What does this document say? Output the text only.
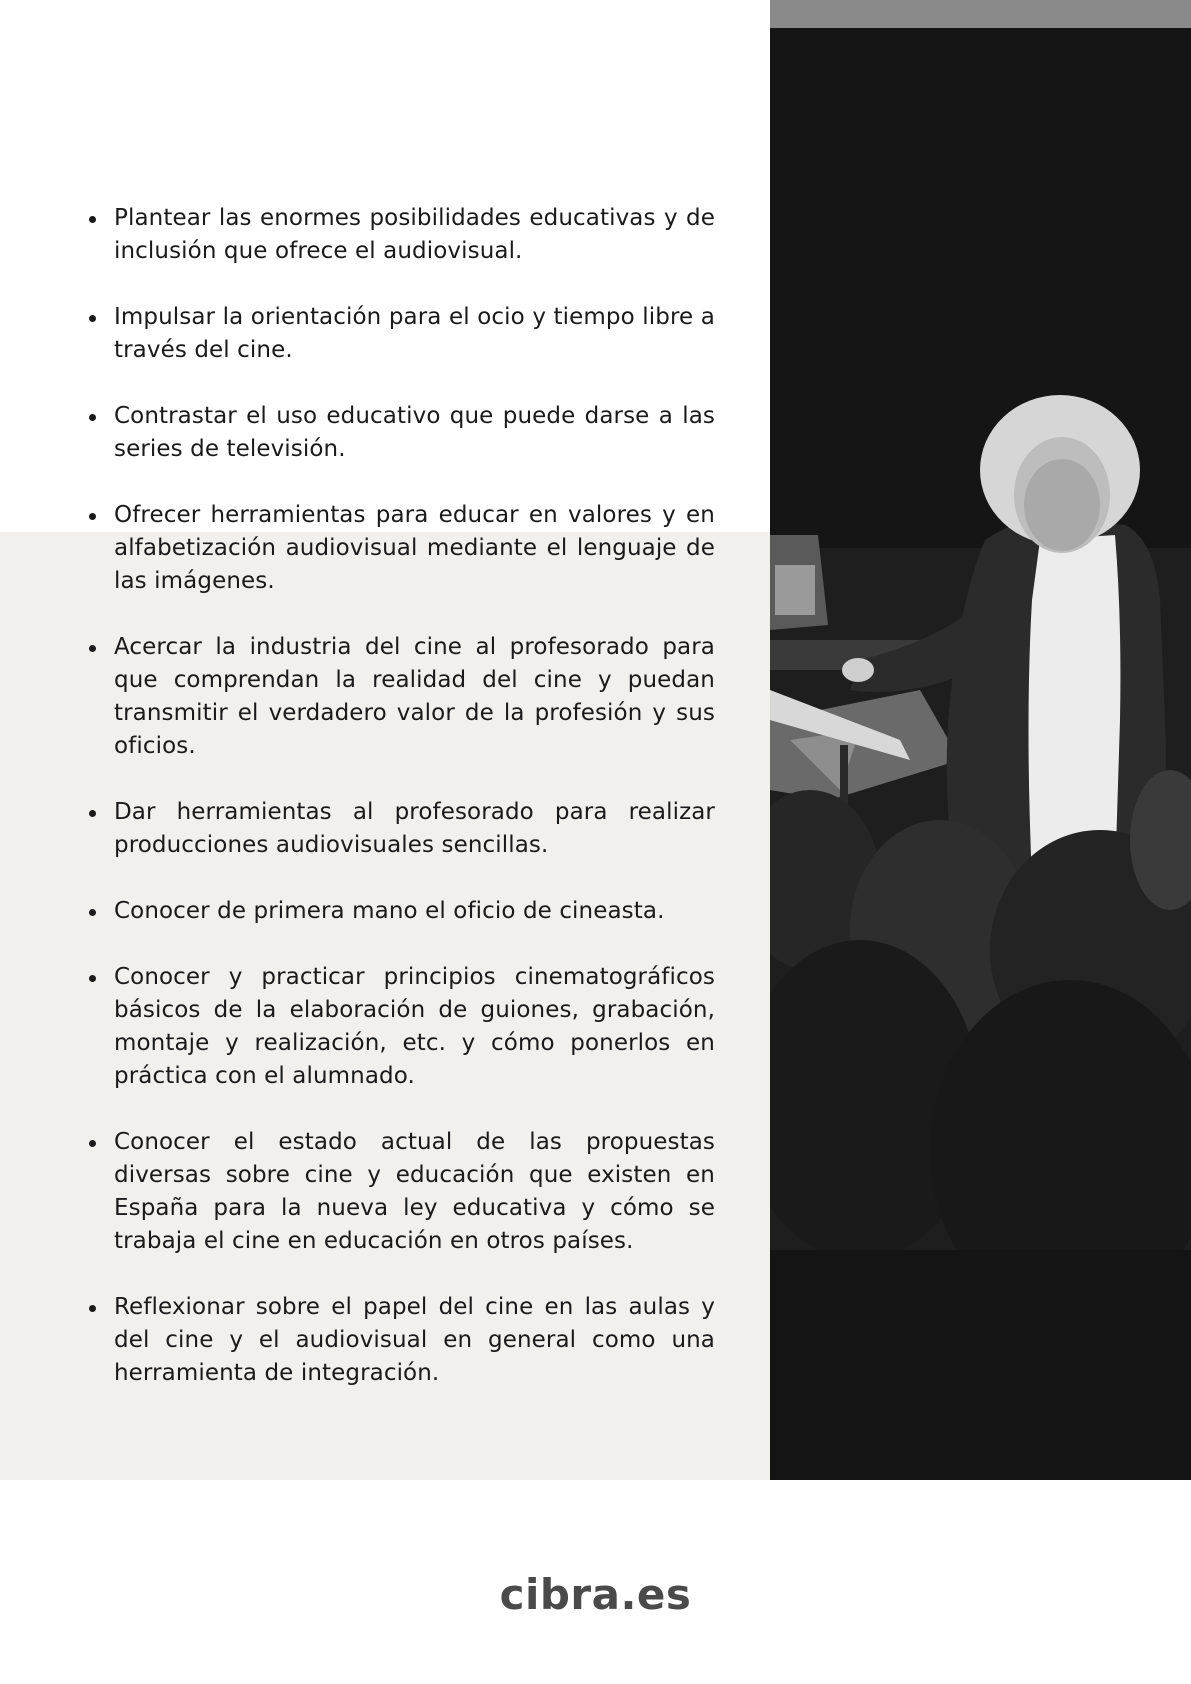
Plantear las enormes posibilidades educativas y de inclusión que ofrece el audiovisual.
Impulsar la orientación para el ocio y tiempo libre a través del cine.
Contrastar el uso educativo que puede darse a las series de televisión.
Ofrecer herramientas para educar en valores y en alfabetización audiovisual mediante el lenguaje de las imágenes.
Acercar la industria del cine al profesorado para que comprendan la realidad del cine y puedan transmitir el verdadero valor de la profesión y sus oficios.
Dar herramientas al profesorado para realizar producciones audiovisuales sencillas.
Conocer de primera mano el oficio de cineasta.
Conocer y practicar principios cinematográficos básicos de la elaboración de guiones, grabación, montaje y realización, etc. y cómo ponerlos en práctica con el alumnado.
Conocer el estado actual de las propuestas diversas sobre cine y educación que existen en España para la nueva ley educativa y cómo se trabaja el cine en educación en otros países.
Reflexionar sobre el papel del cine en las aulas y del cine y el audiovisual en general como una herramienta de integración.
cibra.es
